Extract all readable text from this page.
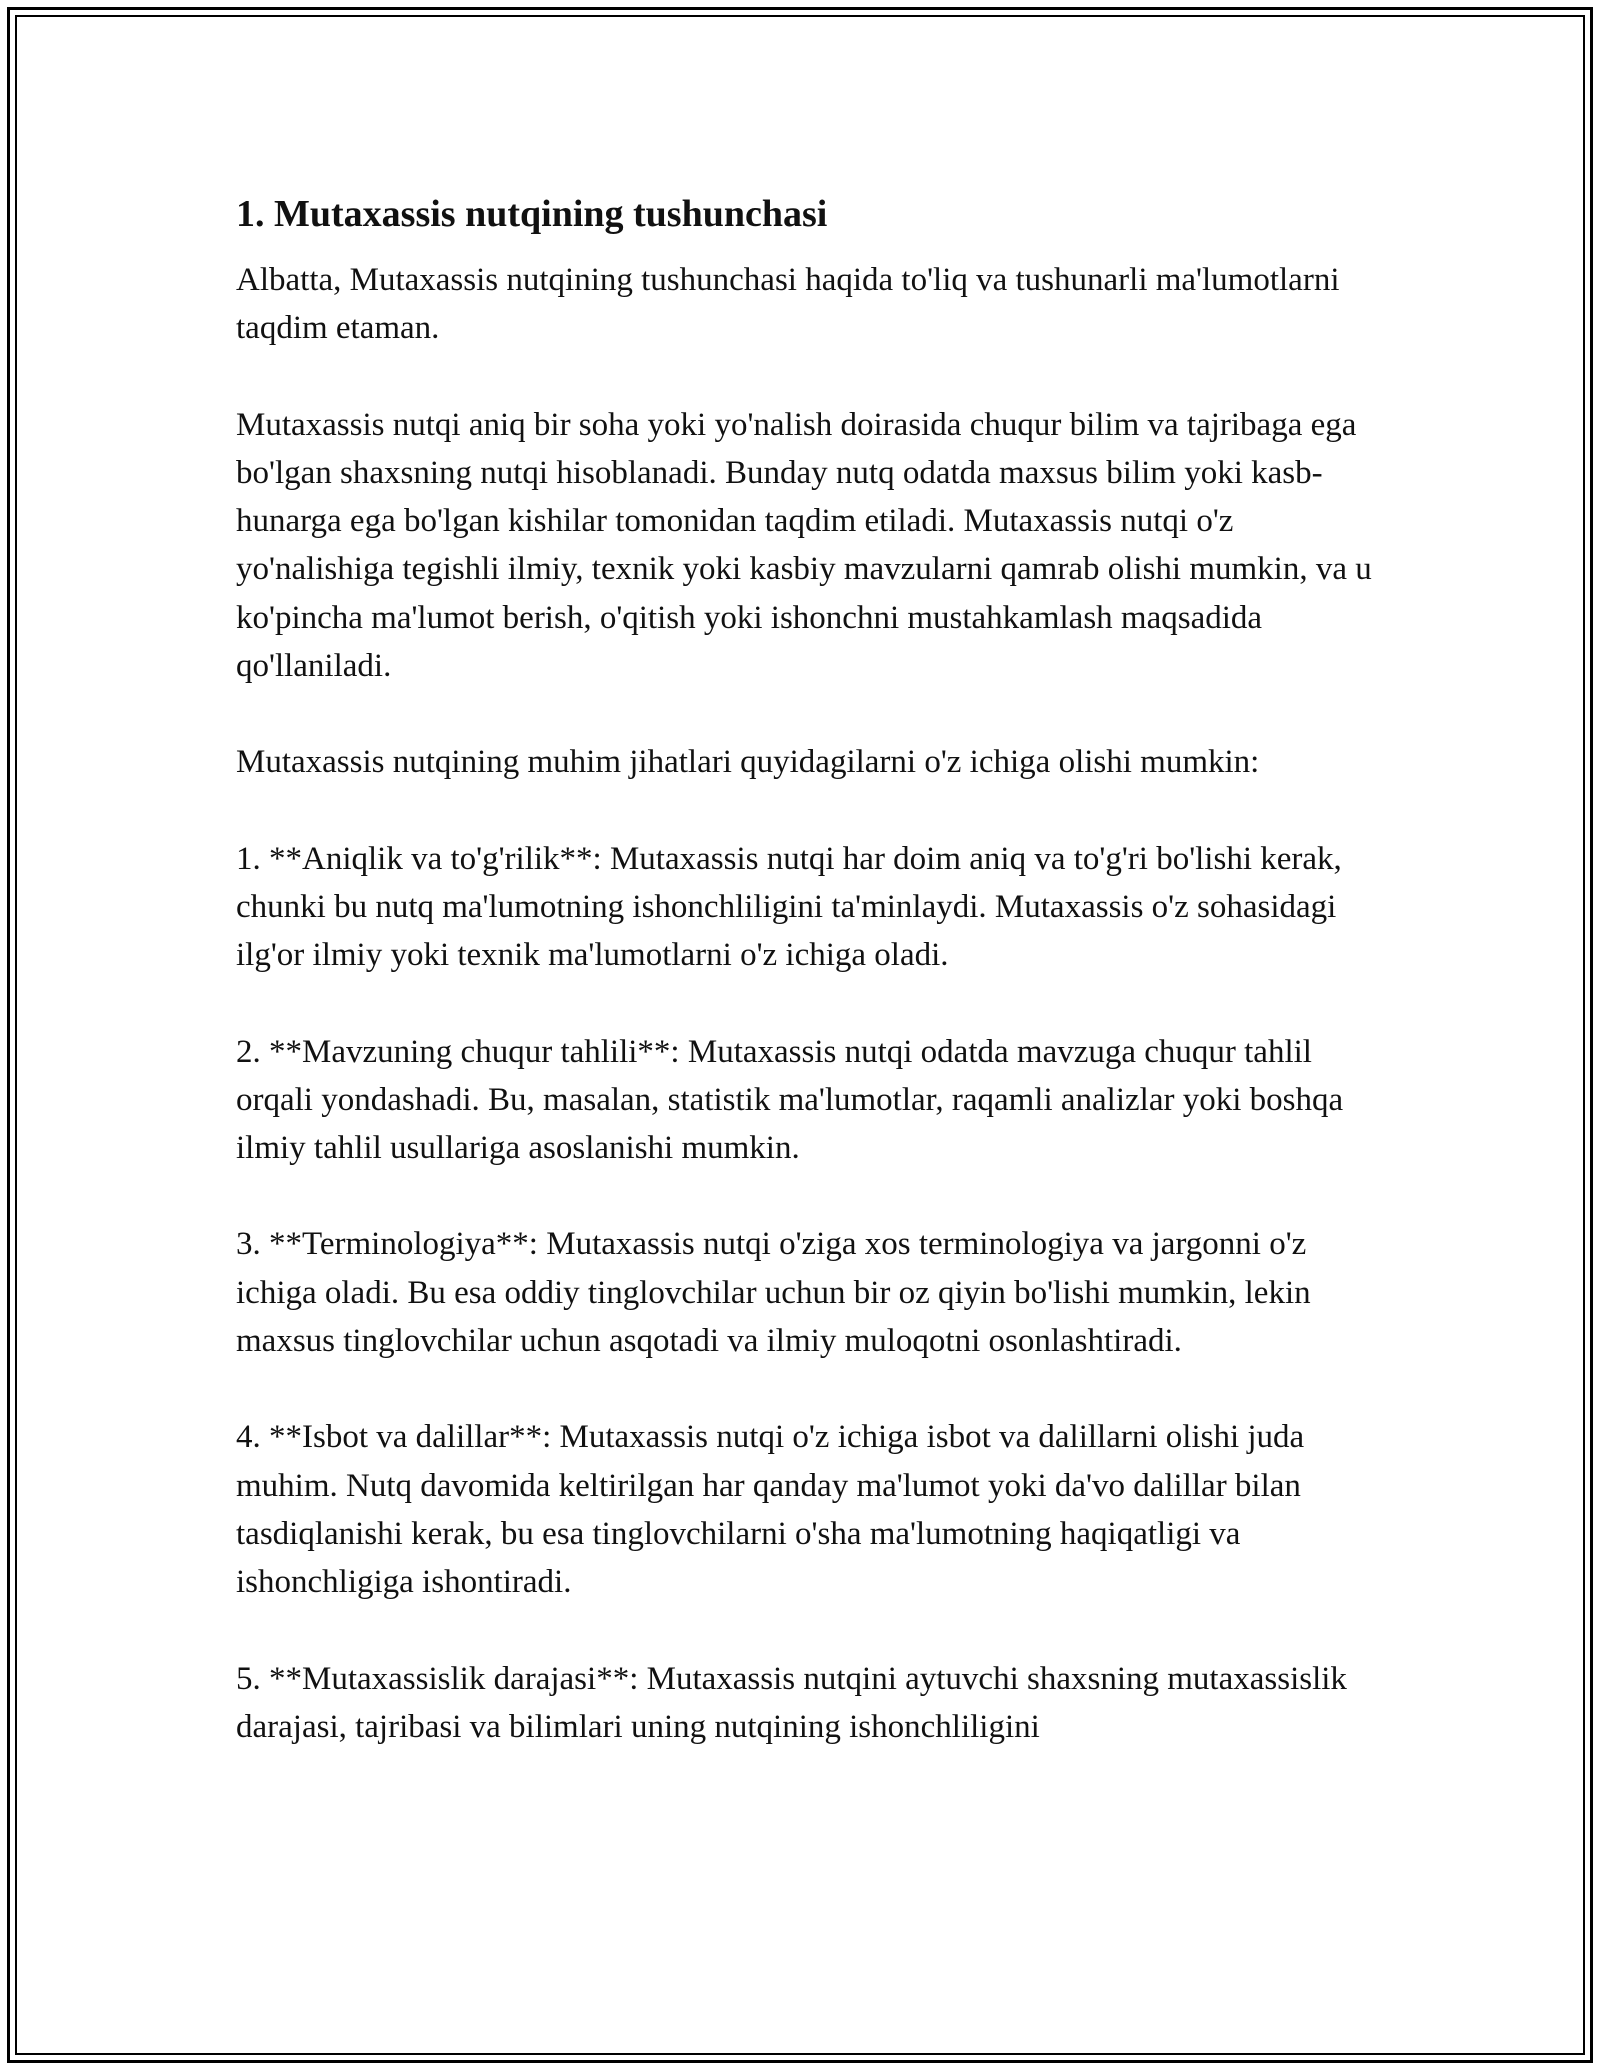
1. Mutaxassis nutqining tushunchasi

Albatta, Mutaxassis nutqining tushunchasi haqida to'liq va tushunarli ma'lumotlarni taqdim etaman.

Mutaxassis nutqi aniq bir soha yoki yo'nalish doirasida chuqur bilim va tajribaga ega bo'lgan shaxsning nutqi hisoblanadi. Bunday nutq odatda maxsus bilim yoki kasb-hunarga ega bo'lgan kishilar tomonidan taqdim etiladi. Mutaxassis nutqi o'z yo'nalishiga tegishli ilmiy, texnik yoki kasbiy mavzularni qamrab olishi mumkin, va u ko'pincha ma'lumot berish, o'qitish yoki ishonchni mustahkamlash maqsadida qo'llaniladi.

Mutaxassis nutqining muhim jihatlari quyidagilarni o'z ichiga olishi mumkin:

1. **Aniqlik va to'g'rilik**: Mutaxassis nutqi har doim aniq va to'g'ri bo'lishi kerak, chunki bu nutq ma'lumotning ishonchliligini ta'minlaydi. Mutaxassis o'z sohasidagi ilg'or ilmiy yoki texnik ma'lumotlarni o'z ichiga oladi.

2. **Mavzuning chuqur tahlili**: Mutaxassis nutqi odatda mavzuga chuqur tahlil orqali yondashadi. Bu, masalan, statistik ma'lumotlar, raqamli analizlar yoki boshqa ilmiy tahlil usullariga asoslanishi mumkin.

3. **Terminologiya**: Mutaxassis nutqi o'ziga xos terminologiya va jargonni o'z ichiga oladi. Bu esa oddiy tinglovchilar uchun bir oz qiyin bo'lishi mumkin, lekin maxsus tinglovchilar uchun asqotadi va ilmiy muloqotni osonlashtiradi.

4. **Isbot va dalillar**: Mutaxassis nutqi o'z ichiga isbot va dalillarni olishi juda muhim. Nutq davomida keltirilgan har qanday ma'lumot yoki da'vo dalillar bilan tasdiqlanishi kerak, bu esa tinglovchilarni o'sha ma'lumotning haqiqatligi va ishonchligiga ishontiradi.

5. **Mutaxassislik darajasi**: Mutaxassis nutqini aytuvchi shaxsning mutaxassislik darajasi, tajribasi va bilimlari uning nutqining ishonchliligini
